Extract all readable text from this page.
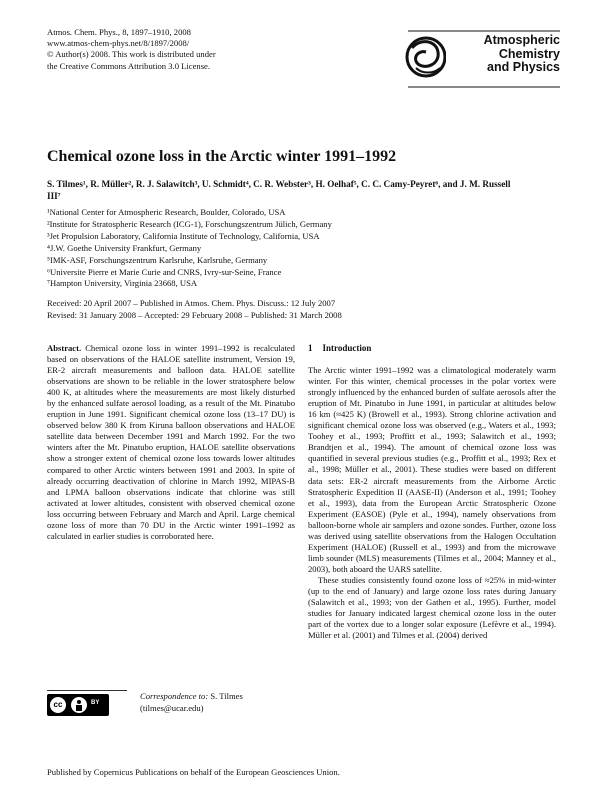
Atmos. Chem. Phys., 8, 1897–1910, 2008
www.atmos-chem-phys.net/8/1897/2008/
© Author(s) 2008. This work is distributed under
the Creative Commons Attribution 3.0 License.
Atmospheric
Chemistry
and Physics
Chemical ozone loss in the Arctic winter 1991–1992
S. Tilmes¹, R. Müller², R. J. Salawitch³, U. Schmidt⁴, C. R. Webster³, H. Oelhaf⁵, C. C. Camy-Peyret⁶, and J. M. Russell III⁷
¹National Center for Atmospheric Research, Boulder, Colorado, USA
²Institute for Stratospheric Research (ICG-1), Forschungszentrum Jülich, Germany
³Jet Propulsion Laboratory, California Institute of Technology, California, USA
⁴J.W. Goethe University Frankfurt, Germany
⁵IMK-ASF, Forschungszentrum Karlsruhe, Karlsruhe, Germany
⁶Universite Pierre et Marie Curie and CNRS, Ivry-sur-Seine, France
⁷Hampton University, Virginia 23668, USA
Received: 20 April 2007 – Published in Atmos. Chem. Phys. Discuss.: 12 July 2007
Revised: 31 January 2008 – Accepted: 29 February 2008 – Published: 31 March 2008
Abstract. Chemical ozone loss in winter 1991–1992 is recalculated based on observations of the HALOE satellite instrument, Version 19, ER-2 aircraft measurements and balloon data. HALOE satellite observations are shown to be reliable in the lower stratosphere below 400 K, at altitudes where the measurements are most likely disturbed by the enhanced sulfate aerosol loading, as a result of the Mt. Pinatubo eruption in June 1991. Significant chemical ozone loss (13–17 DU) is observed below 380 K from Kiruna balloon observations and HALOE satellite data between December 1991 and March 1992. For the two winters after the Mt. Pinatubo eruption, HALOE satellite observations show a stronger extent of chemical ozone loss towards lower altitudes compared to other Arctic winters between 1991 and 2003. In spite of already occurring deactivation of chlorine in March 1992, MIPAS-B and LPMA balloon observations indicate that chlorine was still activated at lower altitudes, consistent with observed chemical ozone loss occurring between February and March and April. Large chemical ozone loss of more than 70 DU in the Arctic winter 1991–1992 as calculated in earlier studies is corroborated here.
1 Introduction

The Arctic winter 1991–1992 was a climatological moderately warm winter. For this winter, chemical processes in the polar vortex were strongly influenced by the enhanced burden of sulfate aerosols after the eruption of Mt. Pinatubo in June 1991, in particular at altitudes below 16 km (≈425 K) (Browell et al., 1993). Strong chlorine activation and significant chemical ozone loss was observed (e.g., Waters et al., 1993; Toohey et al., 1993; Proffitt et al., 1993; Salawitch et al., 1993; Brandtjen et al., 1994). The amount of chemical ozone loss was quantified in several previous studies (e.g., Proffitt et al., 1993; Rex et al., 1998; Müller et al., 2001). These studies were based on different data sets: ER-2 aircraft measurements from the Airborne Arctic Stratospheric Expedition II (AASE-II) (Anderson et al., 1991; Toohey et al., 1993), data from the European Arctic Stratospheric Ozone Experiment (EASOE) (Pyle et al., 1994), namely observations from balloon-borne whole air samplers and ozone sondes. Further, ozone loss was derived using satellite observations from the Halogen Occultation Experiment (HALOE) (Russell et al., 1993) and from the microwave limb sounder (MLS) measurements (Tilmes et al., 2004; Manney et al., 2003), both aboard the UARS satellite.

These studies consistently found ozone loss of ≈25% in mid-winter (up to the end of January) and large ozone loss rates during January (Salawitch et al., 1993; von der Gathen et al., 1995). Further, model studies for January indicated largest chemical ozone loss in the outer part of the vortex due to a longer solar exposure (Lefèvre et al., 1994). Müller et al. (2001) and Tilmes et al. (2004) derived

cc	BY
Correspondence to: S. Tilmes
(tilmes@ucar.edu)
Published by Copernicus Publications on behalf of the European Geosciences Union.
